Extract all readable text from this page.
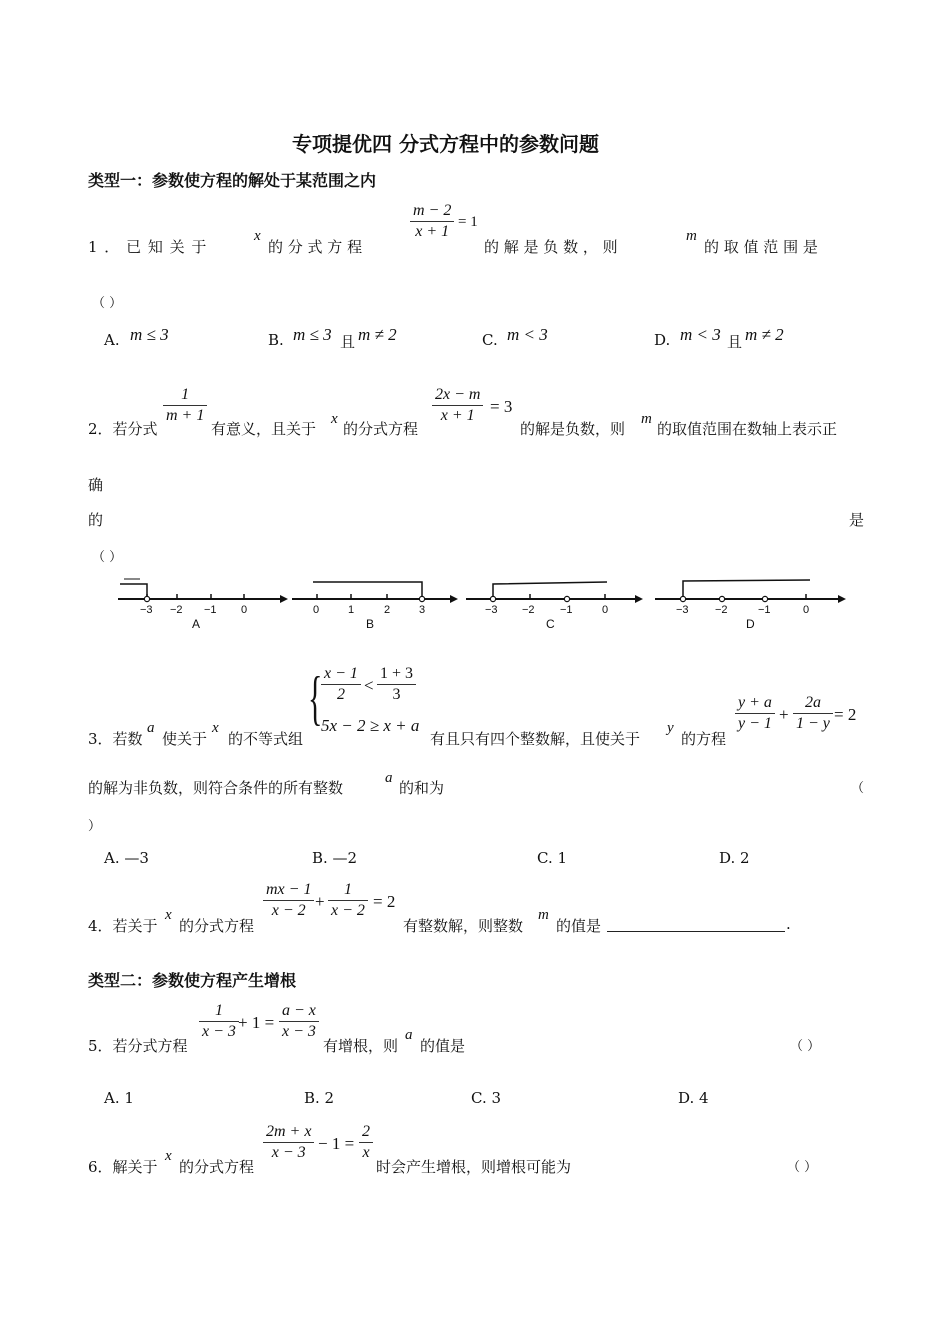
专项提优四 分式方程中的参数问题
类型一：参数使方程的解处于某范围之内
1 ． 已 知 关 于
x
的 分 式 方 程
$\frac{m - 2}{x + 1} = 1$
的 解 是 负 数 ， 则
m
的 取 值 范 围 是
（ ）
A. m ≤ 3	B. m ≤ 3 且 m ≠ 2	C. m < 3	D. m < 3 且 m ≠ 2
2．若分式
$\frac{1}{m + 1}$
有意义，且关于
x
的分式方程
$\frac{2x - m}{x + 1} = 3$
的解是负数，则
m
的取值范围在数轴上表示正
确
的	是
（ ）
−3 −2 −1 0
A
0	1	2	3
B
−3 −2 −1	0
C
−3 −2	−1	0
D
3．若数
a
使关于
x
的不等式组
{
$\frac{x - 1}{2} < \frac{1 + 3}{3}$
5x − 2 ≥ x + a
有且只有四个整数解，且使关于
y
的方程
$\frac{y + a}{y - 1} + \frac{2a}{1 - y} = 2$
的解为非负数，则符合条件的所有整数
a
的和为	（
）
A. —3	B. —2	C. 1	D. 2
4．若关于
x
的分式方程
$\frac{mx - 1}{x - 2} + \frac{1}{x - 2} = 2$
有整数解，则整数
m
的值是	.
类型二：参数使方程产生增根
5．若分式方程
$\frac{1}{x - 3} + 1 = \frac{a - x}{x - 3}$
有增根，则
a
的值是	（ ）
A. 1	B. 2	C. 3	D. 4
6．解关于
x
的分式方程
$\frac{2m + x}{x - 3} - 1 = \frac{2}{x}$
时会产生增根，则增根可能为	（ ）
